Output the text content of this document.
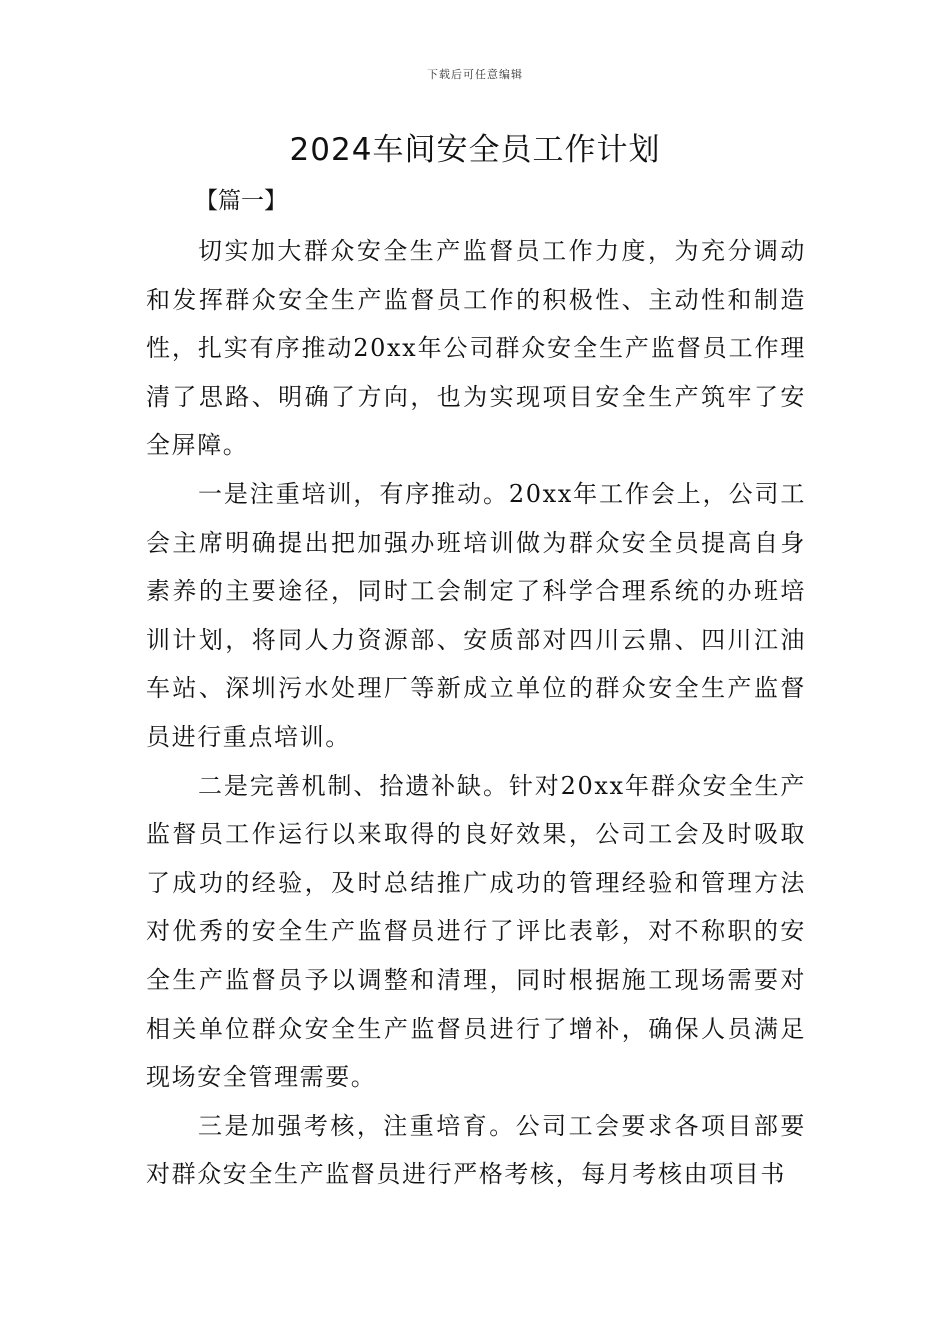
下载后可任意编辑
2024车间安全员工作计划
【篇一】

切实加大群众安全生产监督员工作力度，为充分调动和发挥群众安全生产监督员工作的积极性、主动性和制造性，扎实有序推动20xx年公司群众安全生产监督员工作理清了思路、明确了方向，也为实现项目安全生产筑牢了安全屏障。

一是注重培训，有序推动。20xx年工作会上，公司工会主席明确提出把加强办班培训做为群众安全员提高自身素养的主要途径，同时工会制定了科学合理系统的办班培训计划，将同人力资源部、安质部对四川云鼎、四川江油车站、深圳污水处理厂等新成立单位的群众安全生产监督员进行重点培训。

二是完善机制、拾遗补缺。针对20xx年群众安全生产监督员工作运行以来取得的良好效果，公司工会及时吸取了成功的经验，及时总结推广成功的管理经验和管理方法对优秀的安全生产监督员进行了评比表彰，对不称职的安全生产监督员予以调整和清理，同时根据施工现场需要对相关单位群众安全生产监督员进行了增补，确保人员满足现场安全管理需要。

三是加强考核，注重培育。公司工会要求各项目部要对群众安全生产监督员进行严格考核，每月考核由项目书
